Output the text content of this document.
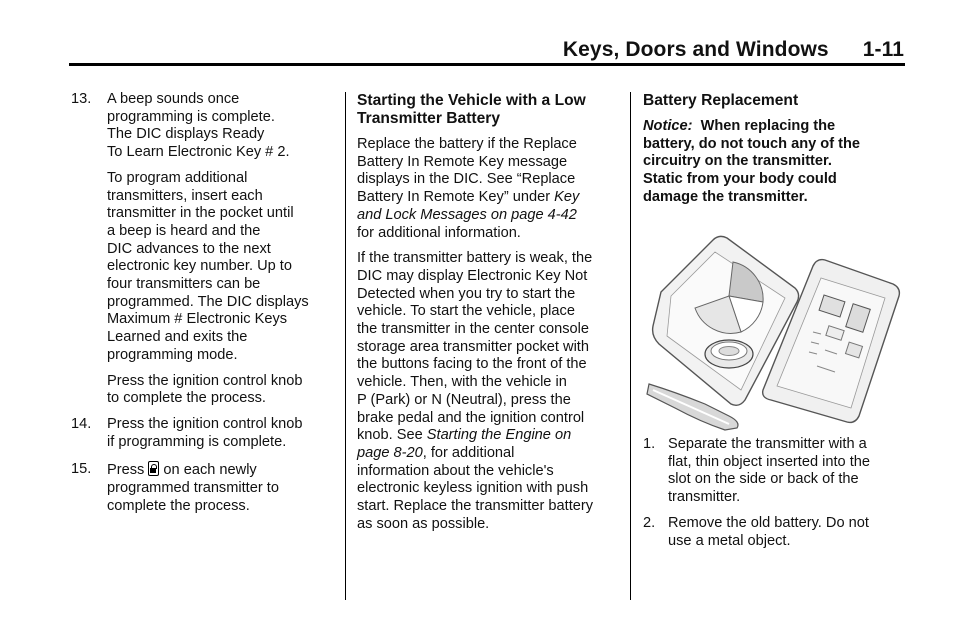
Keys, Doors and Windows 1-11
13. A beep sounds once
programming is complete.
The DIC displays Ready
To Learn Electronic Key # 2.

To program additional
transmitters, insert each
transmitter in the pocket until
a beep is heard and the
DIC advances to the next
electronic key number. Up to
four transmitters can be
programmed. The DIC displays
Maximum # Electronic Keys
Learned and exits the
programming mode.

Press the ignition control knob
to complete the process.

14. Press the ignition control knob
if programming is complete.

15. Press  on each newly
programmed transmitter to
complete the process.

Starting the Vehicle with a Low
Transmitter Battery

Replace the battery if the Replace
Battery In Remote Key message
displays in the DIC. See “Replace
Battery In Remote Key” under Key
and Lock Messages on page 4-42
for additional information.

If the transmitter battery is weak, the
DIC may display Electronic Key Not
Detected when you try to start the
vehicle. To start the vehicle, place
the transmitter in the center console
storage area transmitter pocket with
the buttons facing to the front of the
vehicle. Then, with the vehicle in
P (Park) or N (Neutral), press the
brake pedal and the ignition control
knob. See Starting the Engine on
page 8-20, for additional
information about the vehicle's
electronic keyless ignition with push
start. Replace the transmitter battery
as soon as possible.

Battery Replacement

Notice: When replacing the
battery, do not touch any of the
circuitry on the transmitter.
Static from your body could
damage the transmitter.

1. Separate the transmitter with a
flat, thin object inserted into the
slot on the side or back of the
transmitter.

2. Remove the old battery. Do not
use a metal object.
